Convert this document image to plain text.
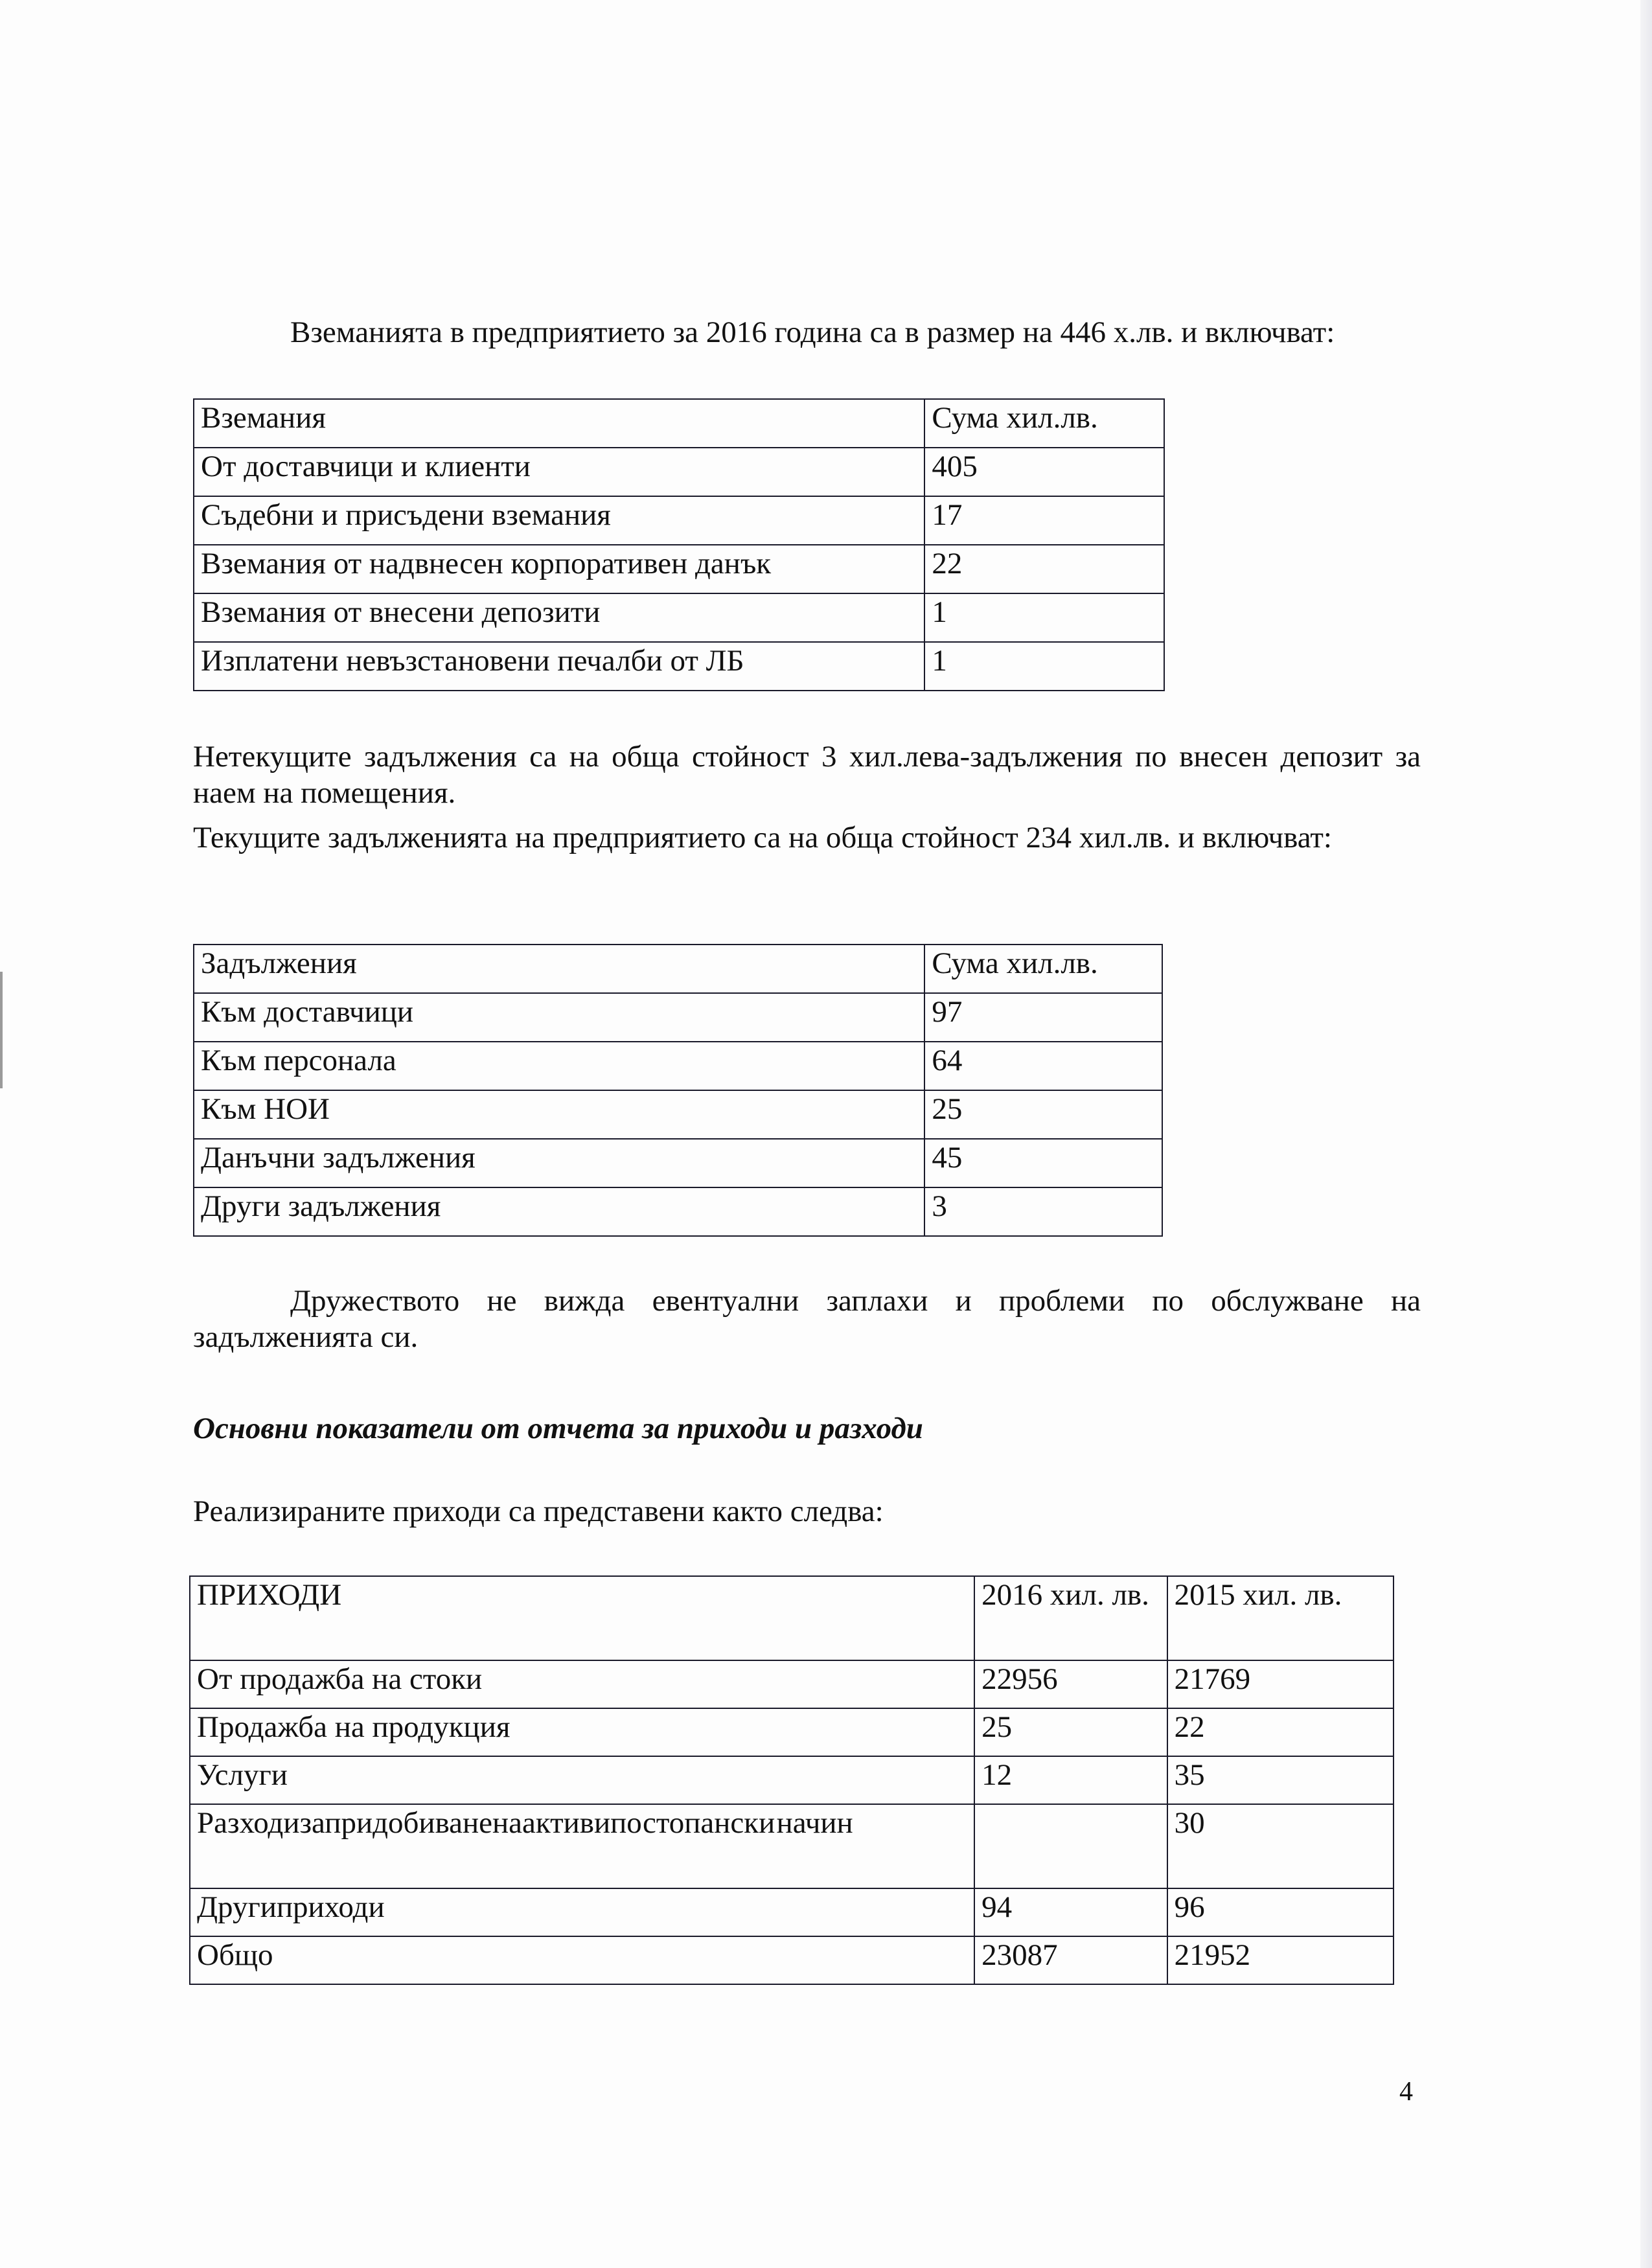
Вземанията в предприятието за 2016 година са в размер на 446 х.лв. и включват:

Вземания	Сума хил.лв.
От доставчици и клиенти	405
Съдебни и присъдени вземания	17
Вземания от надвнесен корпоративен данък	22
Вземания от внесени депозити	1
Изплатени невъзстановени печалби от ЛБ	1

Нетекущите задължения са на обща стойност 3 хил.лева-задължения по внесен депозит за наем на помещения.

Текущите задълженията на предприятието са на обща стойност 234 хил.лв. и включват:

Задължения	Сума хил.лв.
Към доставчици	97
Към персонала	64
Към НОИ	25
Данъчни задължения	45
Други задължения	3

Дружеството не вижда евентуални заплахи и проблеми по обслужване на задълженията си.

Основни показатели от отчета за приходи и разходи

Реализираните приходи са представени както следва:

ПРИХОДИ	2016 хил. лв.	2015 хил. лв.
От продажба на стоки	22956	21769
Продажба на продукция	25	22
Услуги	12	35
Разходизапридобиваненаактивипостопански начин		30
Другиприходи	94	96
Общо	23087	21952
4
